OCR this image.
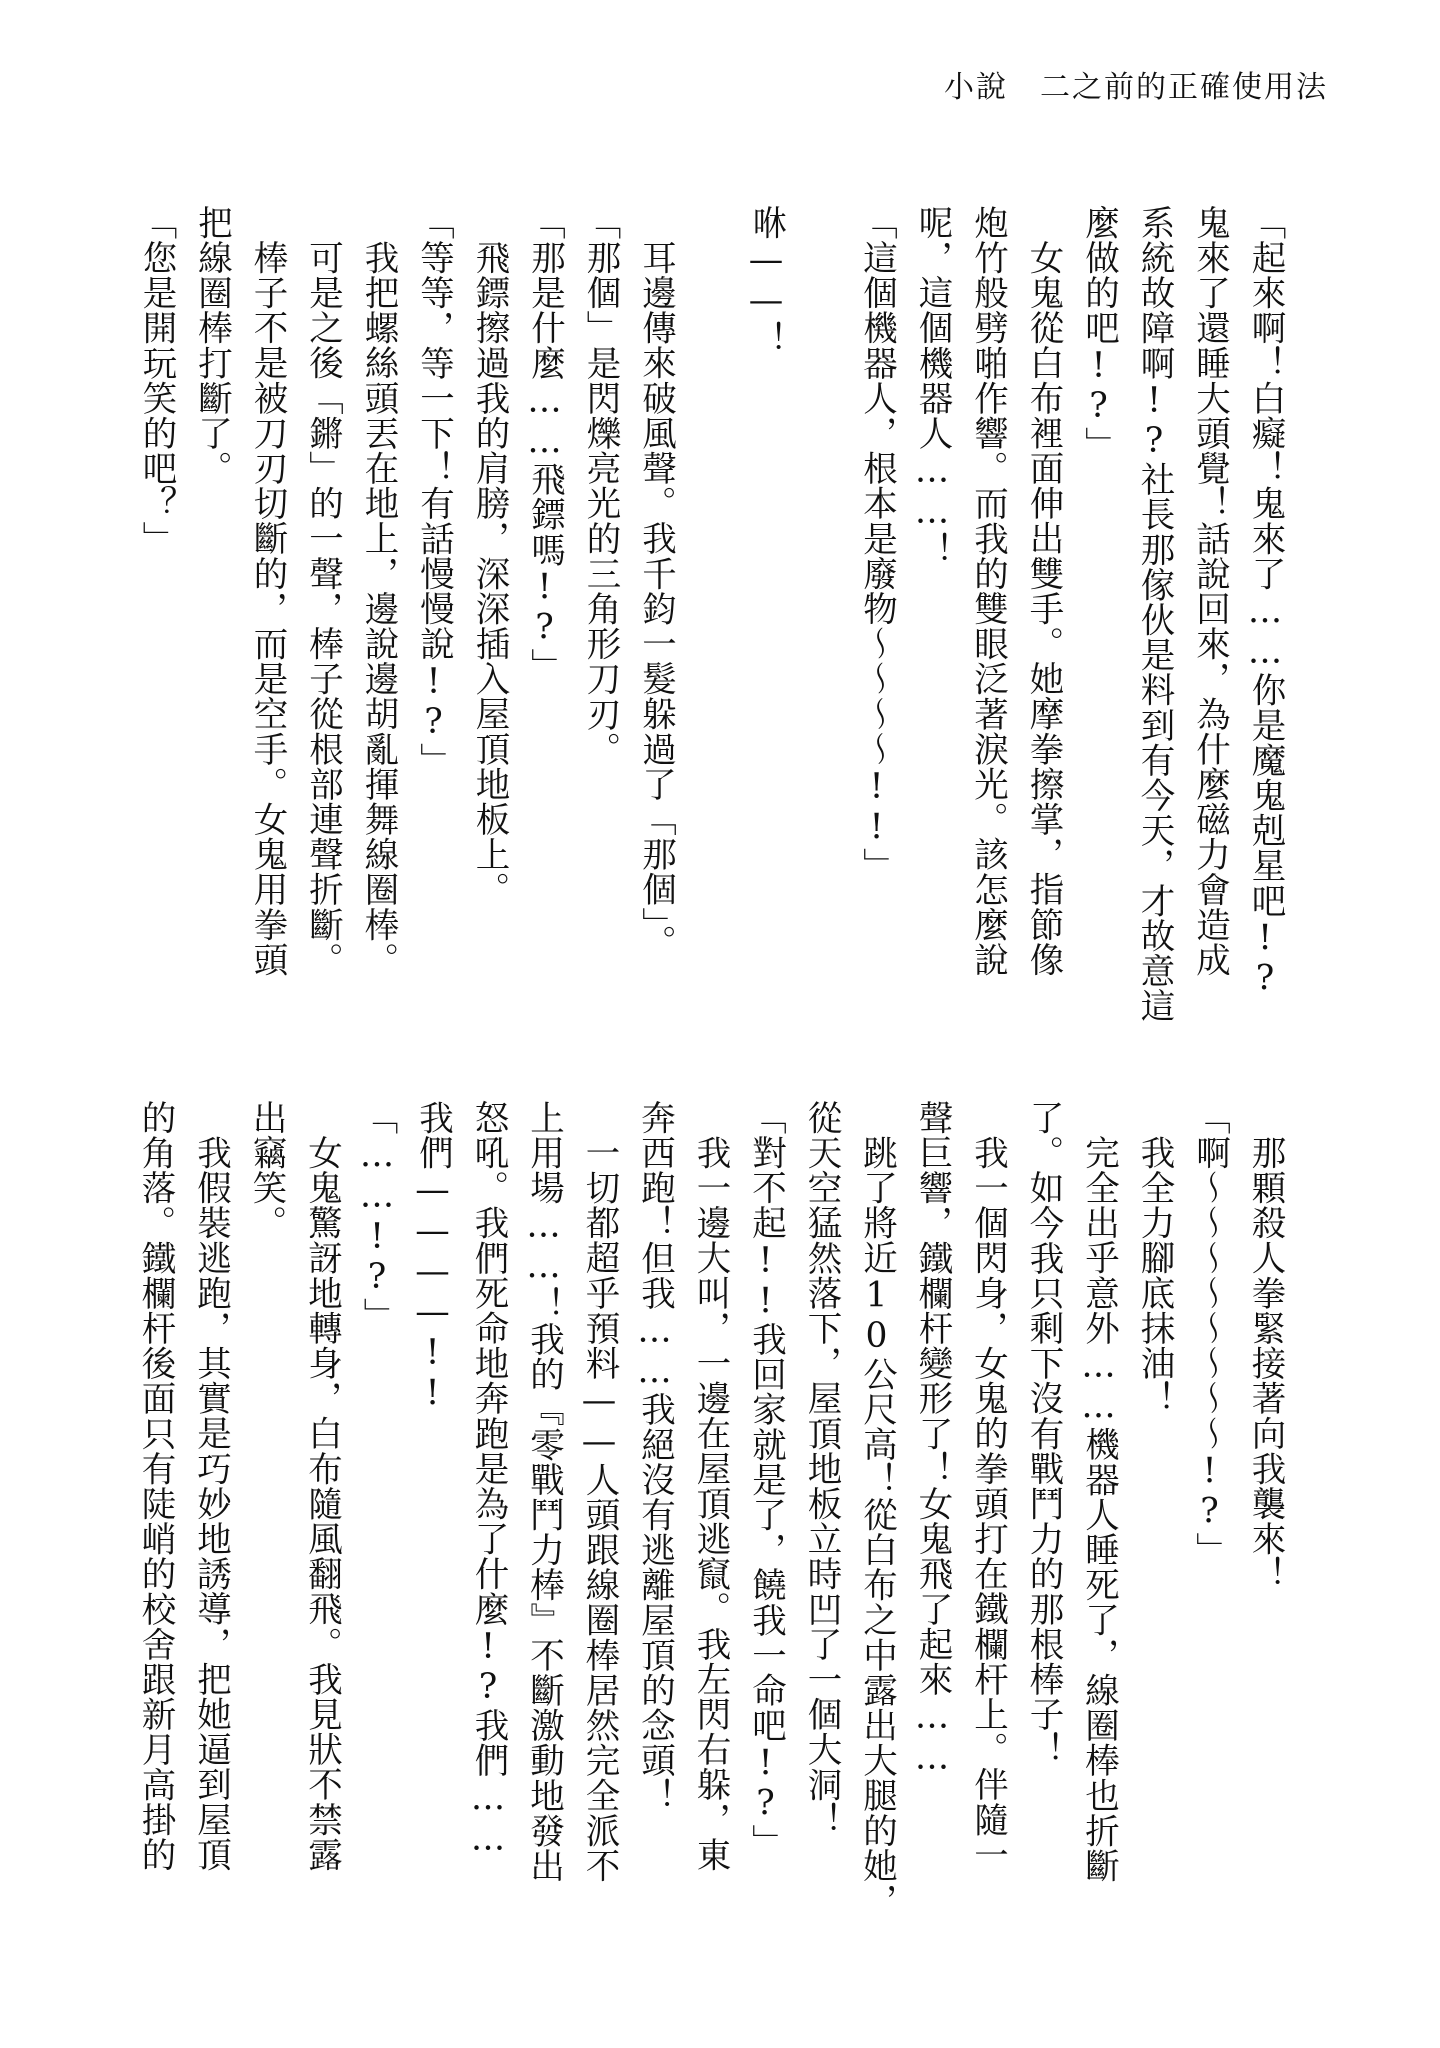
小說　二之前的正確使用法

「起來啊！白癡！鬼來了……你是魔鬼剋星吧!?

鬼來了還睡大頭覺！話說回來，為什麼磁力會造成

系統故障啊!?社長那傢伙是料到有今天，才故意這

麼做的吧!?」

女鬼從白布裡面伸出雙手。她摩拳擦掌，指節像

炮竹般劈啪作響。而我的雙眼泛著淚光。該怎麼說

呢，這個機器人……！

「這個機器人，根本是廢物～～～～!!」

咻——！

耳邊傳來破風聲。我千鈞一髮躲過了「那個」。

「那個」是閃爍亮光的三角形刀刃。

「那是什麼……飛鏢嗎!?」

飛鏢擦過我的肩膀，深深插入屋頂地板上。

「等等，等一下！有話慢慢說!?」

我把螺絲頭丟在地上，邊說邊胡亂揮舞線圈棒。

可是之後「鏘」的一聲，棒子從根部連聲折斷。

棒子不是被刀刃切斷的，而是空手。女鬼用拳頭

把線圈棒打斷了。

「您是開玩笑的吧？」

那顆殺人拳緊接著向我襲來！

「啊～～～～～～～～!?」

我全力腳底抹油！

完全出乎意外……機器人睡死了，線圈棒也折斷

了。如今我只剩下沒有戰鬥力的那根棒子！

我一個閃身，女鬼的拳頭打在鐵欄杆上。伴隨一

聲巨響，鐵欄杆變形了！女鬼飛了起來……

跳了將近10公尺高！從白布之中露出大腿的她，

從天空猛然落下，屋頂地板立時凹了一個大洞！

「對不起!!我回家就是了，饒我一命吧!?」

我一邊大叫，一邊在屋頂逃竄。我左閃右躲，東

奔西跑！但我……我絕沒有逃離屋頂的念頭！

一切都超乎預料——人頭跟線圈棒居然完全派不

上用場……！我的『零戰鬥力棒』不斷激動地發出

怒吼。我們死命地奔跑是為了什麼!?我們……

我們————!!

「……!?」

女鬼驚訝地轉身，白布隨風翻飛。我見狀不禁露

出竊笑。

我假裝逃跑，其實是巧妙地誘導，把她逼到屋頂

的角落。鐵欄杆後面只有陡峭的校舍跟新月高掛的
